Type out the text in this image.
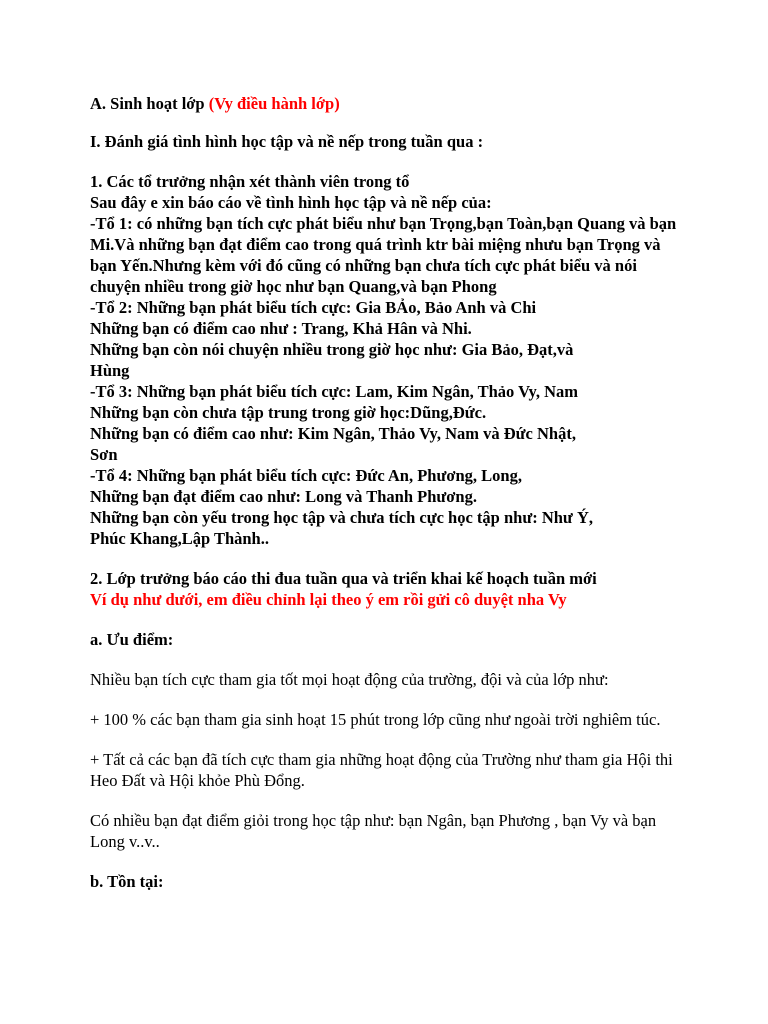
A. Sinh hoạt lớp (Vy điều hành lớp)

I. Đánh giá tình hình học tập và nề nếp trong tuần qua :

1. Các tổ trưởng nhận xét thành viên trong tổ

Sau đây e xin báo cáo về tình hình học tập và nề nếp của:

-Tổ 1: có những bạn tích cực phát biểu như bạn Trọng,bạn Toàn,bạn Quang và bạn Mi.Và những bạn đạt điểm cao trong quá trình ktr bài miệng nhưu bạn Trọng và bạn Yến.Nhưng kèm với đó cũng có những bạn chưa tích cực phát biểu và nói chuyện nhiều trong giờ học như bạn Quang,và bạn Phong

-Tổ 2: Những bạn phát biểu tích cực: Gia BẢo, Bảo Anh và Chi

Những bạn có điểm cao như : Trang, Khả Hân và Nhi.

Những bạn còn nói chuyện nhiều trong giờ học như: Gia Bảo, Đạt,và

Hùng

-Tổ 3: Những bạn phát biểu tích cực: Lam, Kim Ngân, Thảo Vy, Nam

Những bạn còn chưa tập trung trong giờ học:Dũng,Đức.

Những bạn có điểm cao như: Kim Ngân, Thảo Vy, Nam và Đức Nhật,

Sơn

-Tổ 4: Những bạn phát biểu tích cực: Đức An, Phương, Long,

Những bạn đạt điểm cao như: Long và Thanh Phương.

Những bạn còn yếu trong học tập và chưa tích cực học tập như: Như Ý,

Phúc Khang,Lập Thành..

2. Lớp trưởng báo cáo thi đua tuần qua và triển khai kế hoạch tuần mới

Ví dụ như dưới, em điều chỉnh lại theo ý em rồi gửi cô duyệt nha Vy

a. Ưu điểm:

Nhiều bạn tích cực tham gia tốt mọi hoạt động của trường, đội và của lớp như:

+ 100 % các bạn tham gia sinh hoạt 15 phút trong lớp cũng như ngoài trời nghiêm túc.

+ Tất cả các bạn đã tích cực tham gia những hoạt động của Trường như tham gia Hội thi Heo Đất và Hội khỏe Phù Đổng.

Có nhiều bạn đạt điểm giỏi trong học tập như: bạn Ngân, bạn Phương , bạn Vy và bạn Long v..v..

b. Tồn tại:
